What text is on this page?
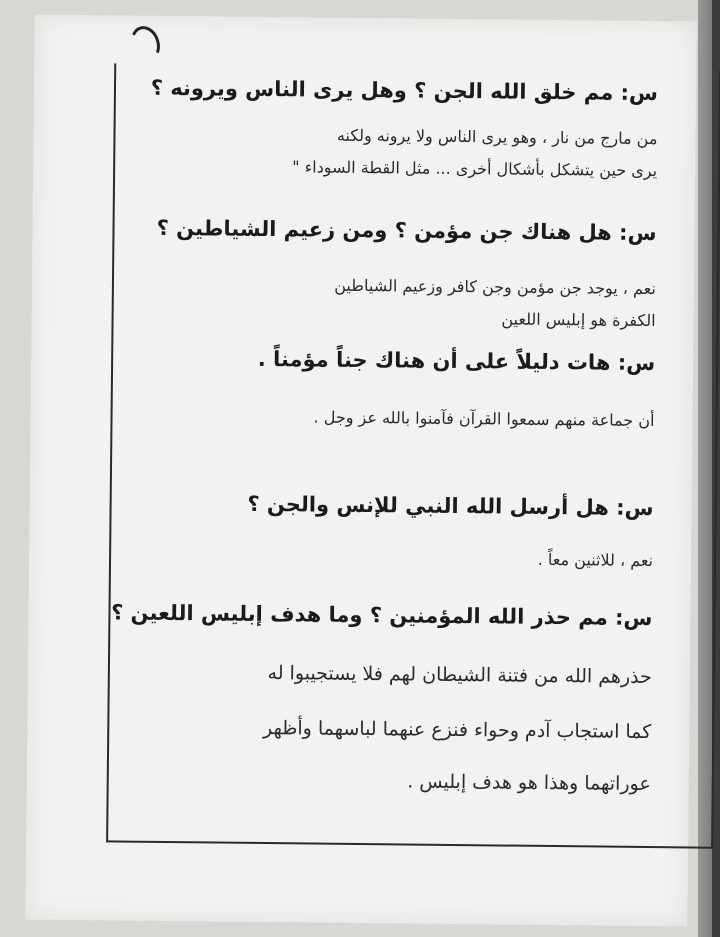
س: مم خلق الله الجن ؟ وهل يرى الناس ويرونه ؟
من مارج من نار ، وهو يرى الناس ولا يرونه ولكنه
يرى حين يتشكل بأشكال أخرى ... مثل القطة السوداء "
س: هل هناك جن مؤمن ؟ ومن زعيم الشياطين ؟
نعم ، يوجد جن مؤمن وجن كافر وزعيم الشياطين
الكفرة هو إبليس اللعين
س: هات دليلاً على أن هناك جناً مؤمناً .
أن جماعة منهم سمعوا القرآن فآمنوا بالله عز وجل .
س: هل أرسل الله النبي للإنس والجن ؟
نعم ، للاثنين معاً .
س: مم حذر الله المؤمنين ؟ وما هدف إبليس اللعين ؟
حذرهم الله من فتنة الشيطان لهم فلا يستجيبوا له
كما استجاب آدم وحواء فنزع عنهما لباسهما وأظهر
عوراتهما وهذا هو هدف إبليس .
